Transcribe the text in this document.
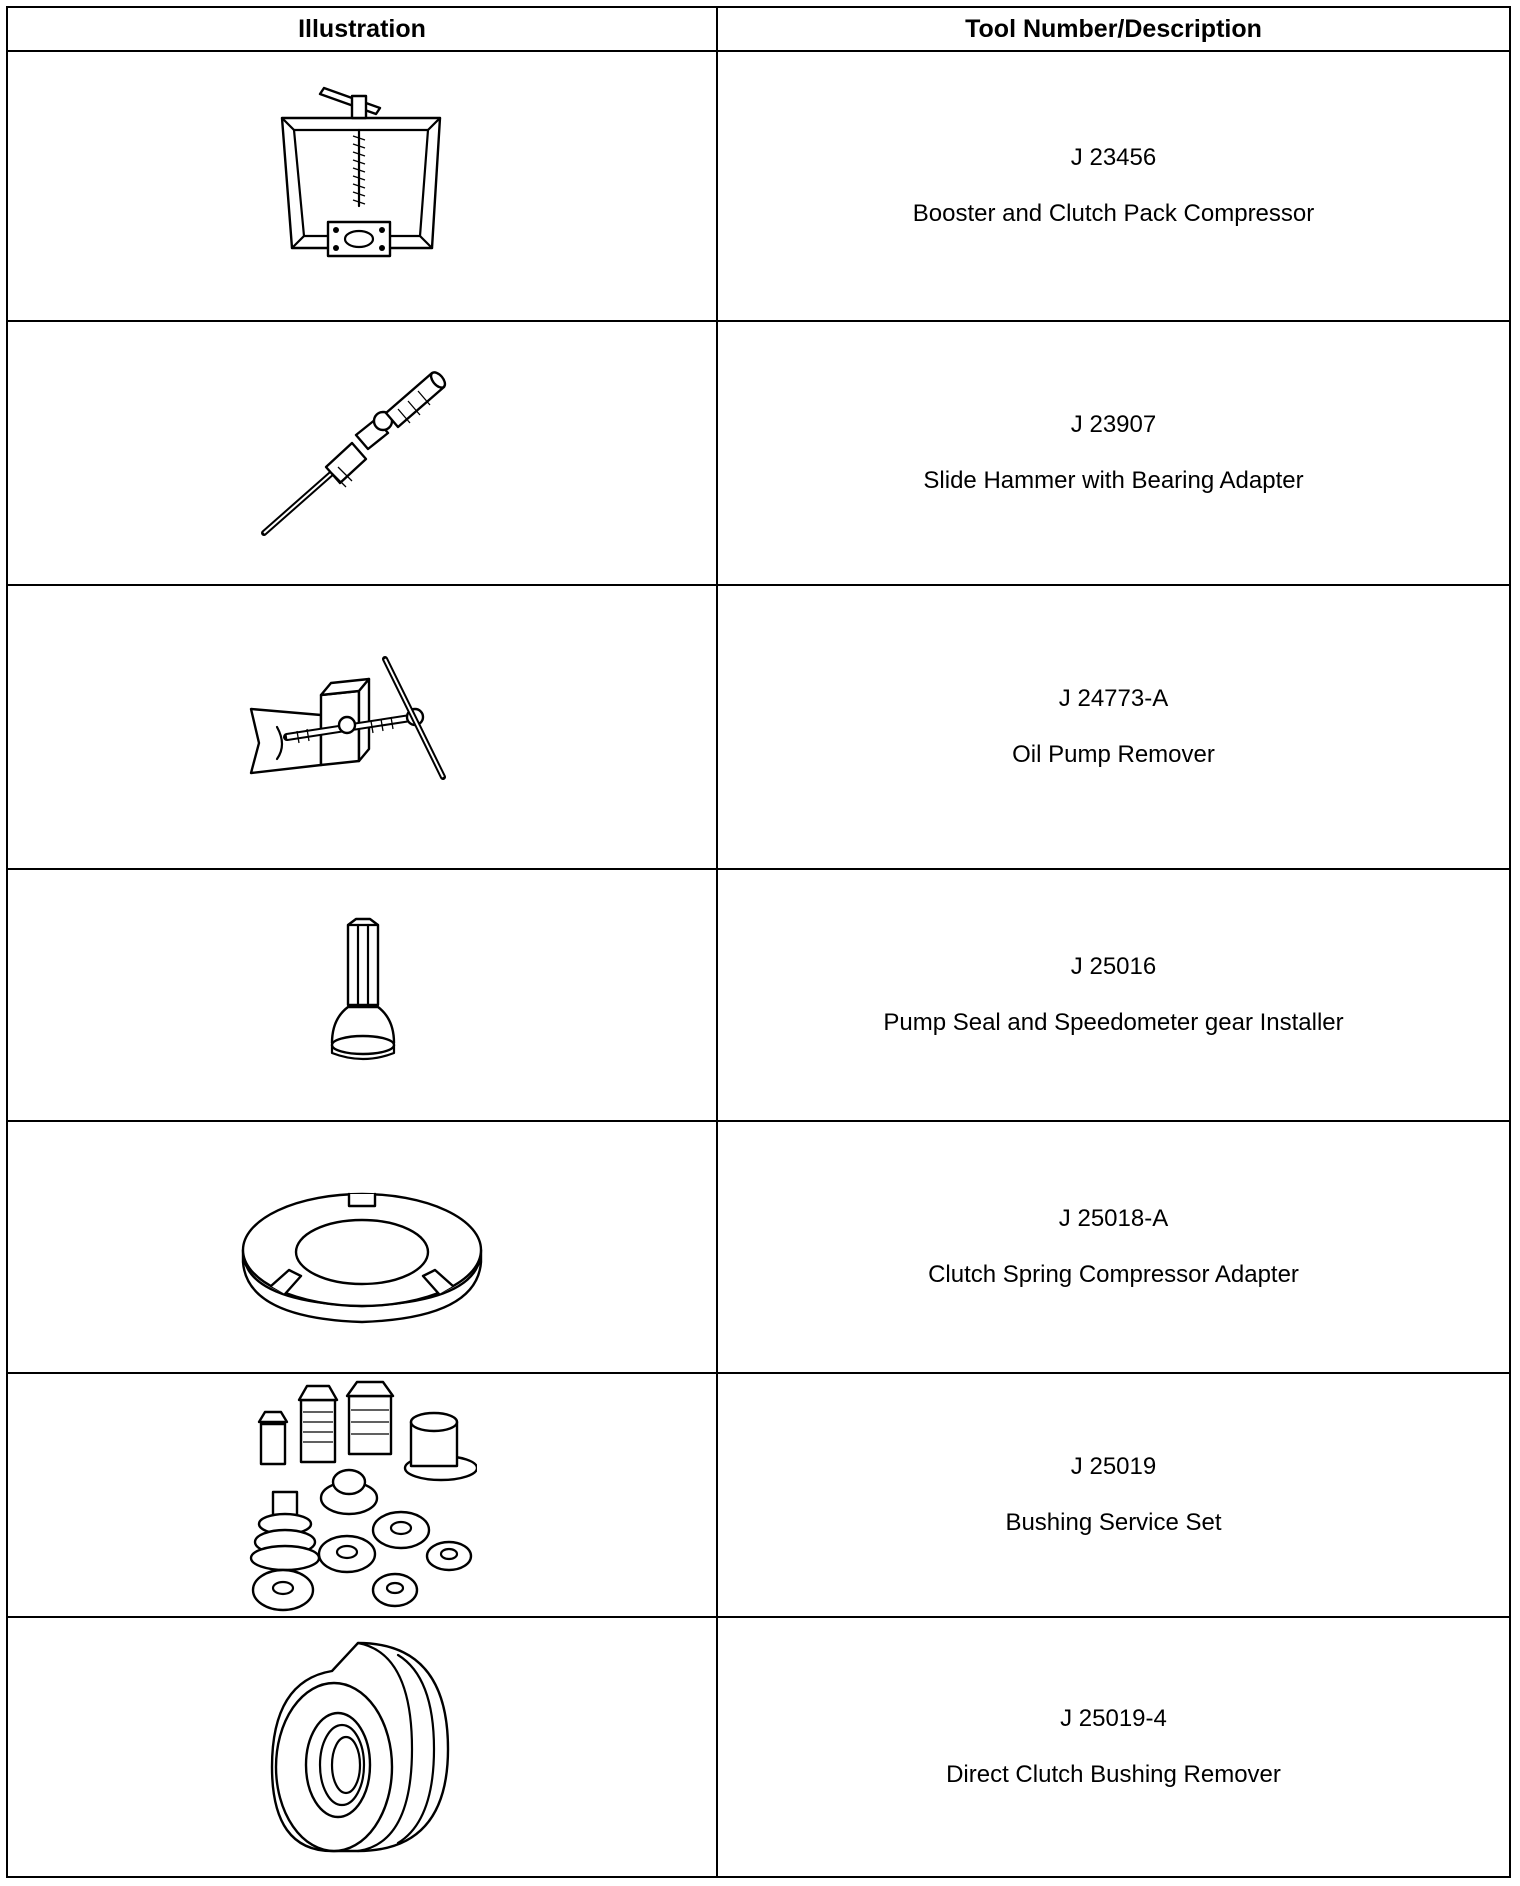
Illustration	Tool Number/Description

J 23456
Booster and Clutch Pack Compressor

J 23907
Slide Hammer with Bearing Adapter

J 24773-A
Oil Pump Remover

J 25016
Pump Seal and Speedometer gear Installer

J 25018-A
Clutch Spring Compressor Adapter

J 25019
Bushing Service Set

J 25019-4
Direct Clutch Bushing Remover
